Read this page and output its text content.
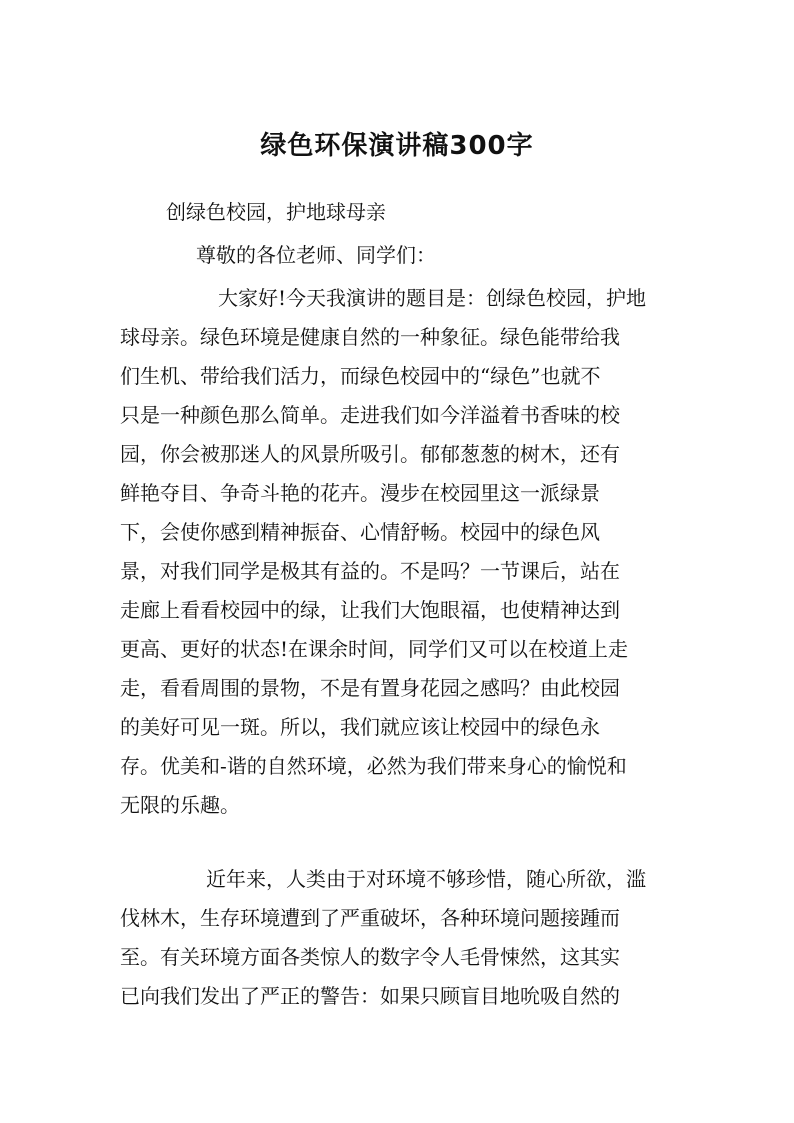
绿色环保演讲稿300字
创绿色校园，护地球母亲
尊敬的各位老师、同学们：
大家好!今天我演讲的题目是：创绿色校园，护地
球母亲。绿色环境是健康自然的一种象征。绿色能带给我
们生机、带给我们活力，而绿色校园中的“绿色”也就不
只是一种颜色那么简单。走进我们如今洋溢着书香味的校
园，你会被那迷人的风景所吸引。郁郁葱葱的树木，还有
鲜艳夺目、争奇斗艳的花卉。漫步在校园里这一派绿景
下，会使你感到精神振奋、心情舒畅。校园中的绿色风
景，对我们同学是极其有益的。不是吗？一节课后，站在
走廊上看看校园中的绿，让我们大饱眼福，也使精神达到
更高、更好的状态!在课余时间，同学们又可以在校道上走
走，看看周围的景物，不是有置身花园之感吗？由此校园
的美好可见一斑。所以，我们就应该让校园中的绿色永
存。优美和-谐的自然环境，必然为我们带来身心的愉悦和
无限的乐趣。
近年来，人类由于对环境不够珍惜，随心所欲，滥
伐林木，生存环境遭到了严重破坏，各种环境问题接踵而
至。有关环境方面各类惊人的数字令人毛骨悚然，这其实
已向我们发出了严正的警告：如果只顾盲目地吮吸自然的
